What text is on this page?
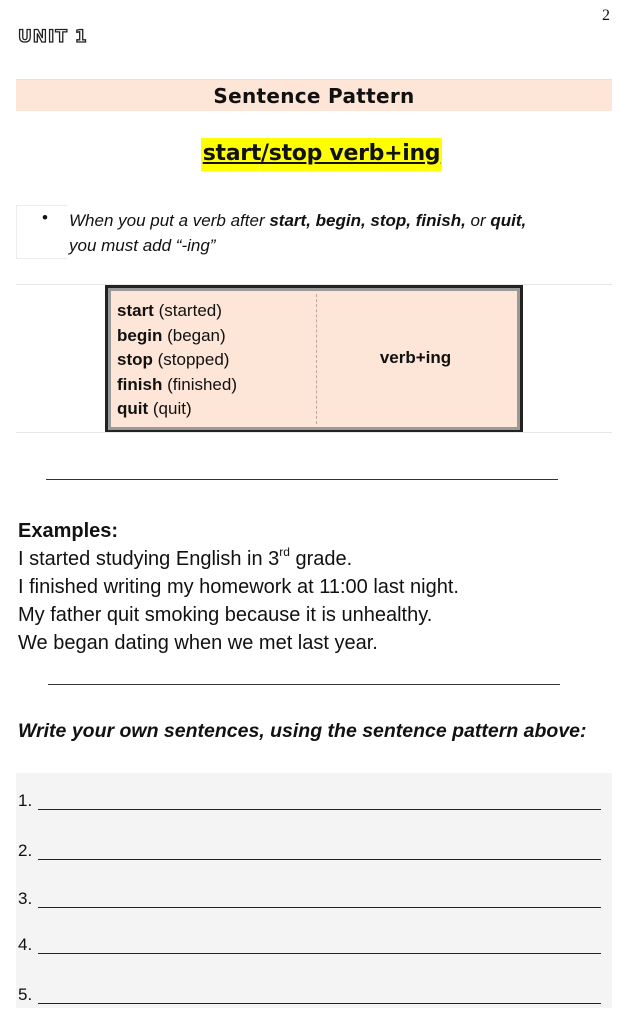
2
UNIT 1
Sentence Pattern
start/stop verb+ing
• When you put a verb after start, begin, stop, finish, or quit,
you must add “-ing”
start (started)
begin (began)
stop (stopped)
finish (finished)
quit (quit)
verb+ing
Examples:
I started studying English in 3rd grade.
I finished writing my homework at 11:00 last night.
My father quit smoking because it is unhealthy.
We began dating when we met last year.
Write your own sentences, using the sentence pattern above:
1.
2.
3.
4.
5.
